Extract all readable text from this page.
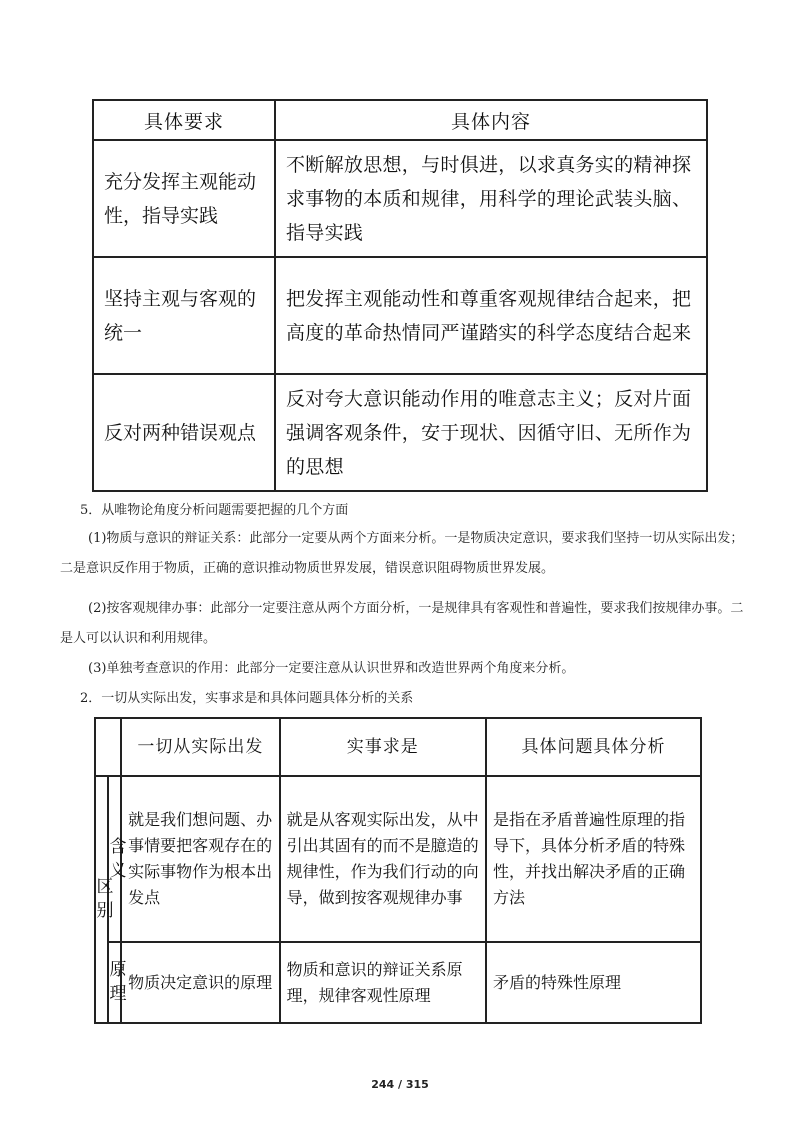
具体要求	具体内容
充分发挥主观能动性，指导实践	不断解放思想，与时俱进，以求真务实的精神探求事物的本质和规律，用科学的理论武装头脑、指导实践
坚持主观与客观的统一	把发挥主观能动性和尊重客观规律结合起来，把高度的革命热情同严谨踏实的科学态度结合起来
反对两种错误观点	反对夸大意识能动作用的唯意志主义；反对片面强调客观条件，安于现状、因循守旧、无所作为的思想
5．从唯物论角度分析问题需要把握的几个方面
(1)物质与意识的辩证关系：此部分一定要从两个方面来分析。一是物质决定意识，要求我们坚持一切从实际出发；二是意识反作用于物质，正确的意识推动物质世界发展，错误意识阻碍物质世界发展。
(2)按客观规律办事：此部分一定要注意从两个方面分析，一是规律具有客观性和普遍性，要求我们按规律办事。二是人可以认识和利用规律。
(3)单独考查意识的作用：此部分一定要注意从认识世界和改造世界两个角度来分析。
2．一切从实际出发，实事求是和具体问题具体分析的关系
		一切从实际出发	实事求是	具体问题具体分析
区别	含义	就是我们想问题、办事情要把客观存在的实际事物作为根本出发点	就是从客观实际出发，从中引出其固有的而不是臆造的规律性，作为我们行动的向导，做到按客观规律办事	是指在矛盾普遍性原理的指导下，具体分析矛盾的特殊性，并找出解决矛盾的正确方法
	原理	物质决定意识的原理	物质和意识的辩证关系原理，规律客观性原理	矛盾的特殊性原理
244 / 315
